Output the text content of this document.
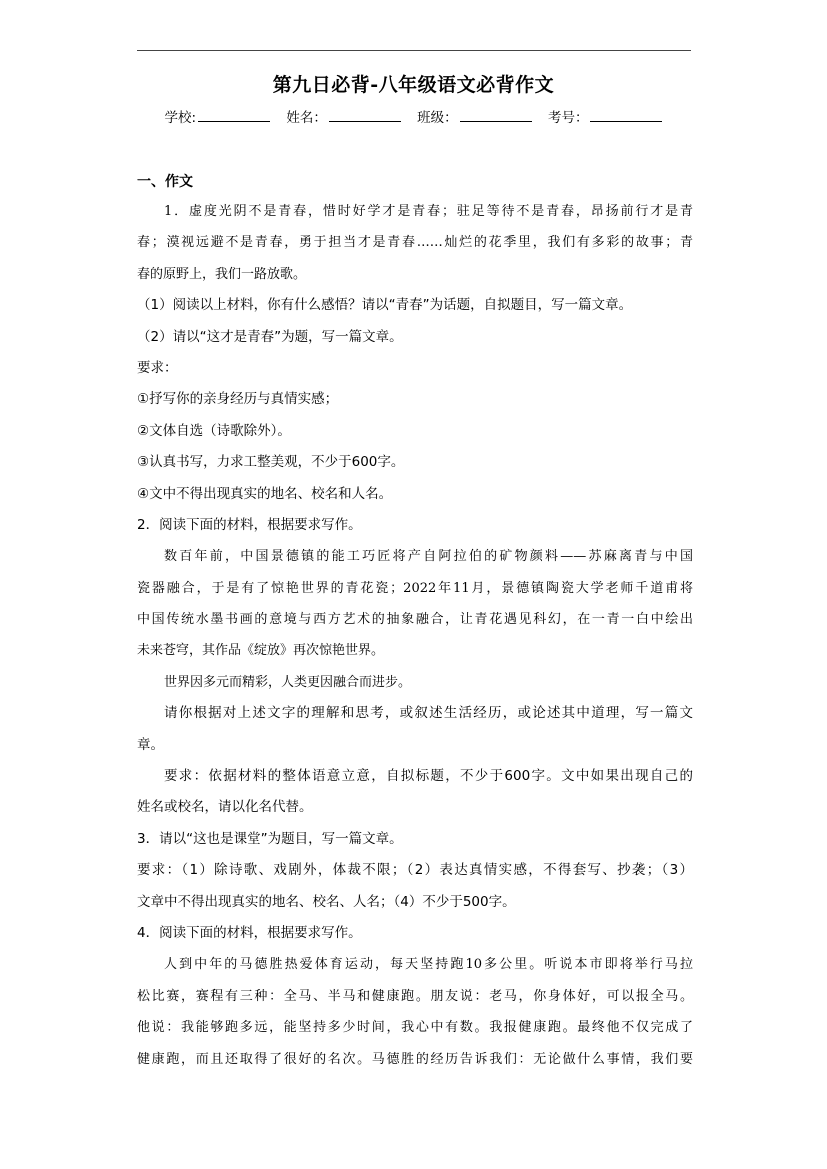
第九日必背-八年级语文必背作文
学校:	姓名：	班级：	考号：
一、作文
1．虚度光阴不是青春，惜时好学才是青春；驻足等待不是青春，昂扬前行才是青
春；漠视远避不是青春，勇于担当才是青春……灿烂的花季里，我们有多彩的故事；青
春的原野上，我们一路放歌。
（1）阅读以上材料，你有什么感悟？请以“青春”为话题，自拟题目，写一篇文章。
（2）请以“这才是青春”为题，写一篇文章。
要求：
①抒写你的亲身经历与真情实感；
②文体自选（诗歌除外）。
③认真书写，力求工整美观，不少于600字。
④文中不得出现真实的地名、校名和人名。
2．阅读下面的材料，根据要求写作。
数百年前，中国景德镇的能工巧匠将产自阿拉伯的矿物颜料——苏麻离青与中国
瓷器融合，于是有了惊艳世界的青花瓷；2022年11月，景德镇陶瓷大学老师千道甫将
中国传统水墨书画的意境与西方艺术的抽象融合，让青花遇见科幻，在一青一白中绘出
未来苍穹，其作品《绽放》再次惊艳世界。
世界因多元而精彩，人类更因融合而进步。
请你根据对上述文字的理解和思考，或叙述生活经历，或论述其中道理，写一篇文
章。
要求：依据材料的整体语意立意，自拟标题，不少于600字。文中如果出现自己的
姓名或校名，请以化名代替。
3．请以“这也是课堂”为题目，写一篇文章。
要求：（1）除诗歌、戏剧外，体裁不限；（2）表达真情实感，不得套写、抄袭；（3）
文章中不得出现真实的地名、校名、人名；（4）不少于500字。
4．阅读下面的材料，根据要求写作。
人到中年的马德胜热爱体育运动，每天坚持跑10多公里。听说本市即将举行马拉
松比赛，赛程有三种：全马、半马和健康跑。朋友说：老马，你身体好，可以报全马。
他说：我能够跑多远，能坚持多少时间，我心中有数。我报健康跑。最终他不仅完成了
健康跑，而且还取得了很好的名次。马德胜的经历告诉我们：无论做什么事情，我们要
